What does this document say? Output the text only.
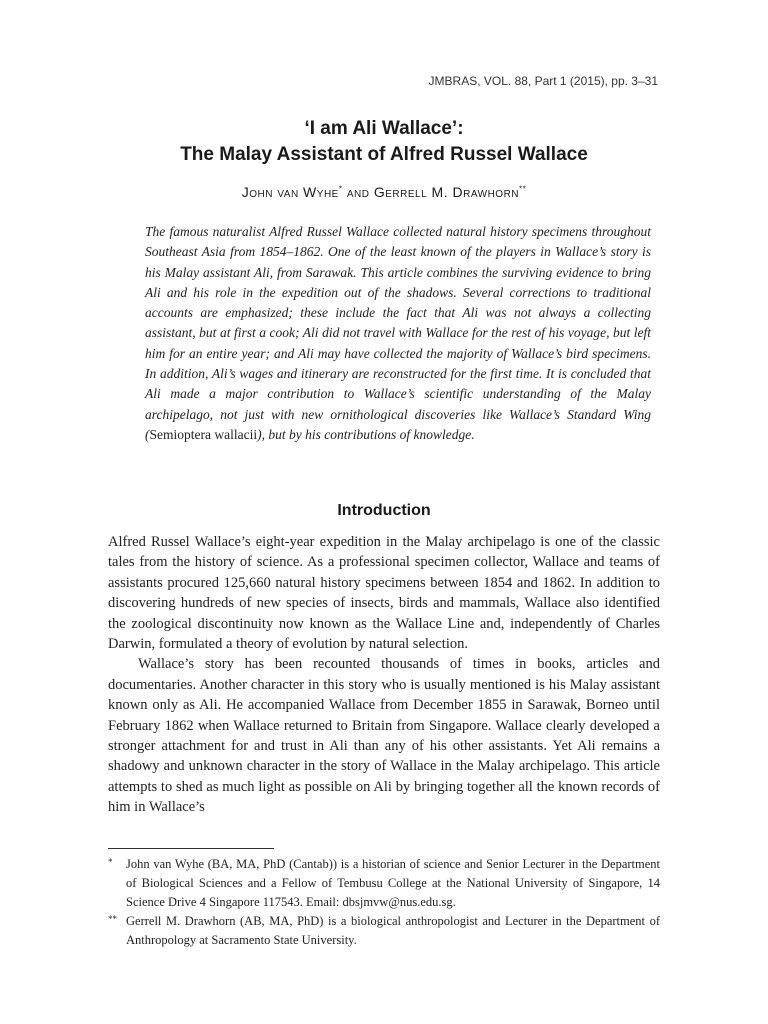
JMBRAS, VOL. 88, Part 1 (2015), pp. 3–31
‘I am Ali Wallace’:
The Malay Assistant of Alfred Russel Wallace
John van Wyhe* and Gerrell M. Drawhorn**
The famous naturalist Alfred Russel Wallace collected natural history specimens throughout Southeast Asia from 1854–1862. One of the least known of the players in Wallace’s story is his Malay assistant Ali, from Sarawak. This article combines the surviving evidence to bring Ali and his role in the expedition out of the shadows. Several corrections to traditional accounts are emphasized; these include the fact that Ali was not always a collecting assistant, but at first a cook; Ali did not travel with Wallace for the rest of his voyage, but left him for an entire year; and Ali may have collected the majority of Wallace’s bird specimens. In addition, Ali’s wages and itinerary are reconstructed for the first time. It is concluded that Ali made a major contribution to Wallace’s scientific understanding of the Malay archipelago, not just with new ornithological discoveries like Wallace’s Standard Wing (Semioptera wallacii), but by his contributions of knowledge.
Introduction

Alfred Russel Wallace’s eight-year expedition in the Malay archipelago is one of the classic tales from the history of science. As a professional specimen collector, Wallace and teams of assistants procured 125,660 natural history specimens between 1854 and 1862. In addition to discovering hundreds of new species of insects, birds and mammals, Wallace also identified the zoological discontinuity now known as the Wallace Line and, independently of Charles Darwin, formulated a theory of evolution by natural selection.

Wallace’s story has been recounted thousands of times in books, articles and documentaries. Another character in this story who is usually mentioned is his Malay assistant known only as Ali. He accompanied Wallace from December 1855 in Sarawak, Borneo until February 1862 when Wallace returned to Britain from Singapore. Wallace clearly developed a stronger attachment for and trust in Ali than any of his other assistants. Yet Ali remains a shadowy and unknown character in the story of Wallace in the Malay archipelago. This article attempts to shed as much light as possible on Ali by bringing together all the known records of him in Wallace’s

*	John van Wyhe (BA, MA, PhD (Cantab)) is a historian of science and Senior Lecturer in the Department of Biological Sciences and a Fellow of Tembusu College at the National University of Singapore, 14 Science Drive 4 Singapore 117543. Email: dbsjmvw@nus.edu.sg.
** Gerrell M. Drawhorn (AB, MA, PhD) is a biological anthropologist and Lecturer in the Department of Anthropology at Sacramento State University.
